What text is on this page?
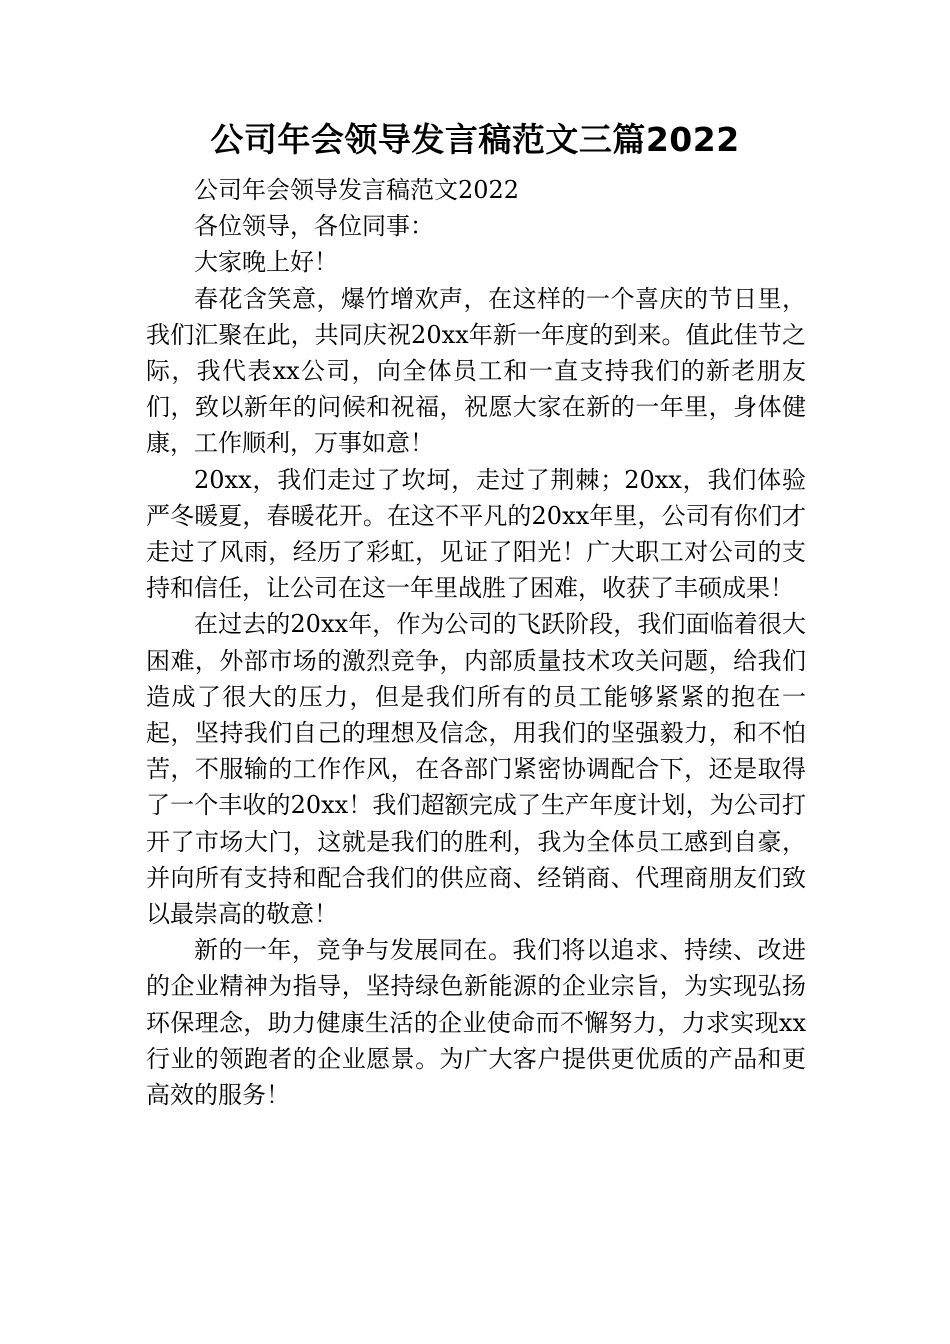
公司年会领导发言稿范文三篇2022

公司年会领导发言稿范文2022

各位领导，各位同事：

大家晚上好！

春花含笑意，爆竹增欢声，在这样的一个喜庆的节日里，我们汇聚在此，共同庆祝20xx年新一年度的到来。值此佳节之际，我代表xx公司，向全体员工和一直支持我们的新老朋友们，致以新年的问候和祝福，祝愿大家在新的一年里，身体健康，工作顺利，万事如意！

20xx，我们走过了坎坷，走过了荆棘；20xx，我们体验严冬暖夏，春暖花开。在这不平凡的20xx年里，公司有你们才走过了风雨，经历了彩虹，见证了阳光！广大职工对公司的支持和信任，让公司在这一年里战胜了困难，收获了丰硕成果！

在过去的20xx年，作为公司的飞跃阶段，我们面临着很大困难，外部市场的激烈竞争，内部质量技术攻关问题，给我们造成了很大的压力，但是我们所有的员工能够紧紧的抱在一起，坚持我们自己的理想及信念，用我们的坚强毅力，和不怕苦，不服输的工作作风，在各部门紧密协调配合下，还是取得了一个丰收的20xx！我们超额完成了生产年度计划，为公司打开了市场大门，这就是我们的胜利，我为全体员工感到自豪，并向所有支持和配合我们的供应商、经销商、代理商朋友们致以最崇高的敬意！

新的一年，竞争与发展同在。我们将以追求、持续、改进的企业精神为指导，坚持绿色新能源的企业宗旨，为实现弘扬环保理念，助力健康生活的企业使命而不懈努力，力求实现xx行业的领跑者的企业愿景。为广大客户提供更优质的产品和更高效的服务！
